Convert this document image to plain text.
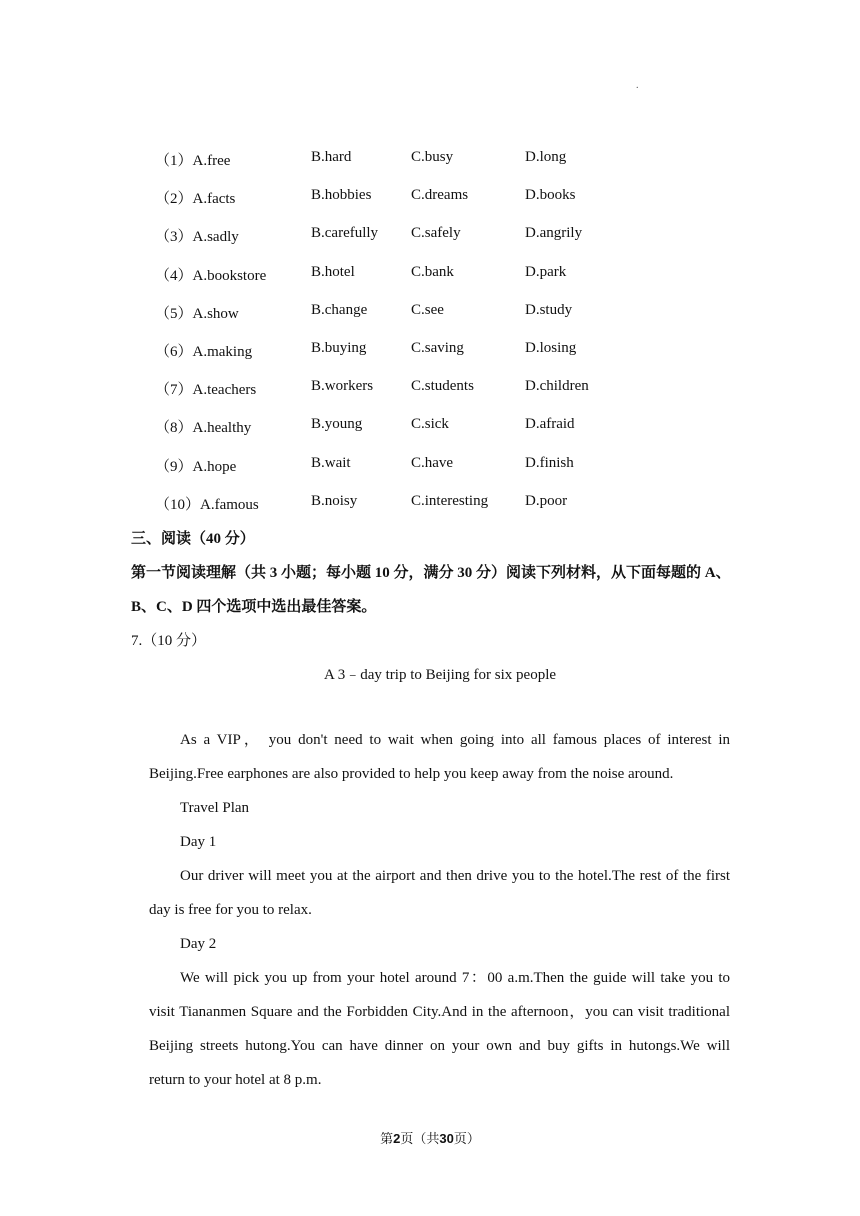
.
（1）A.free	B.hard	C.busy	D.long
（2）A.facts	B.hobbies	C.dreams	D.books
（3）A.sadly	B.carefully C.safely	D.angrily
（4）A.bookstore	B.hotel	C.bank	D.park
（5）A.show	B.change	C.see	D.study
（6）A.making	B.buying	C.saving	D.losing
（7）A.teachers	B.workers	C.students	D.children
（8）A.healthy	B.young	C.sick	D.afraid
（9）A.hope	B.wait	C.have	D.finish
（10）A.famous	B.noisy	C.interesting D.poor
三、阅读（40 分）
第一节阅读理解（共 3 小题；每小题 10 分，满分 30 分）阅读下列材料，从下面每题的 A、
B、C、D 四个选项中选出最佳答案。
7.（10 分）
A 3﹣day trip to Beijing for six people
As a VIP， you don't need to wait when going into all famous places of interest in
Beijing.Free earphones are also provided to help you keep away from the noise around.
Travel Plan
Day 1
Our driver will meet you at the airport and then drive you to the hotel.The rest of the first
day is free for you to relax.
Day 2
We will pick you up from your hotel around 7：00 a.m.Then the guide will take you to
visit Tiananmen Square and the Forbidden City.And in the afternoon，you can visit traditional
Beijing streets hutong.You can have dinner on your own and buy gifts in hutongs.We will
return to your hotel at 8 p.m.
第2页（共30页）
